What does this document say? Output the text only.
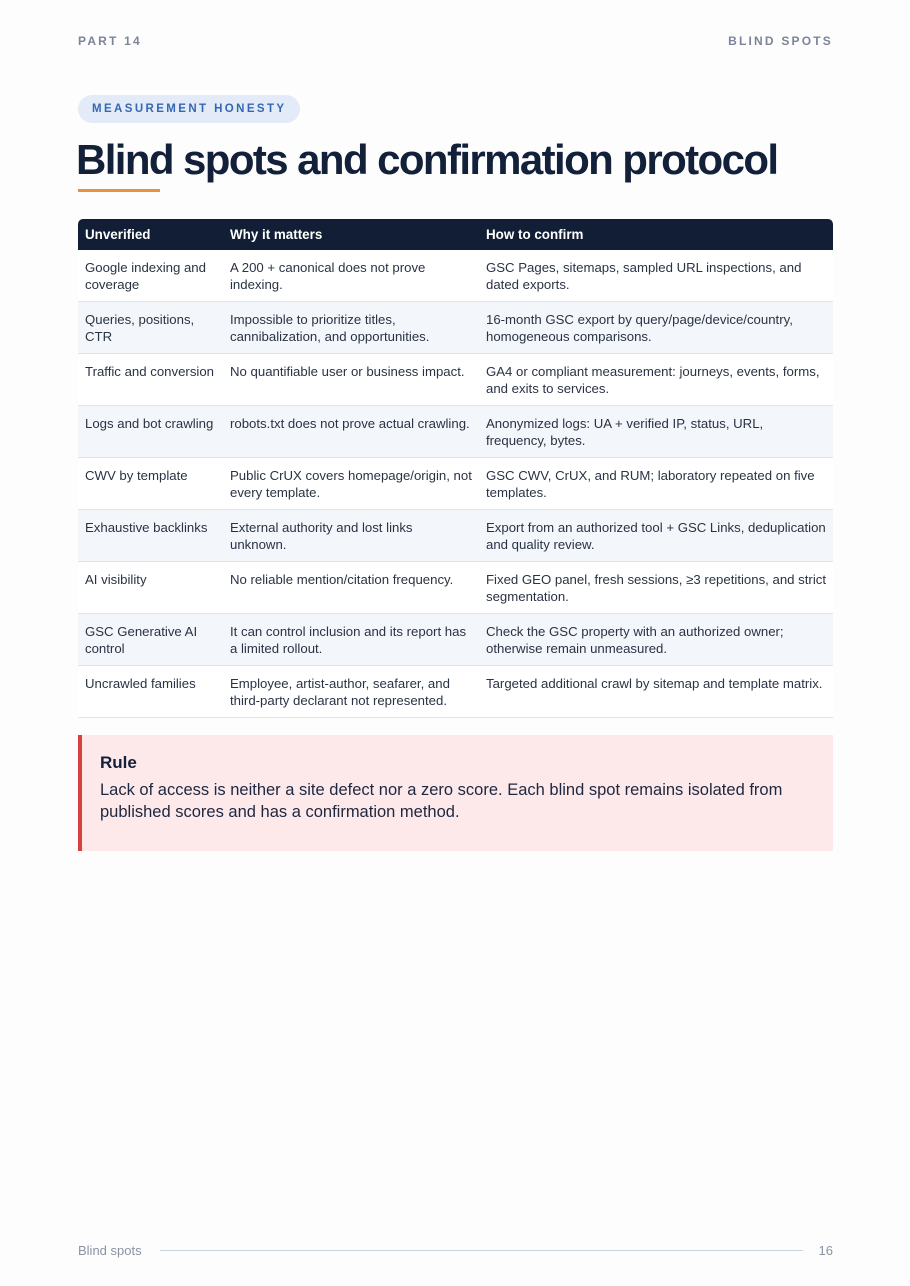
PART 14	BLIND SPOTS
MEASUREMENT HONESTY
Blind spots and confirmation protocol
Unverified	Why it matters	How to confirm
Google indexing and coverage	A 200 + canonical does not prove indexing.	GSC Pages, sitemaps, sampled URL inspections, and dated exports.
Queries, positions, CTR	Impossible to prioritize titles, cannibalization, and opportunities.	16-month GSC export by query/page/device/country, homogeneous comparisons.
Traffic and conversion	No quantifiable user or business impact.	GA4 or compliant measurement: journeys, events, forms, and exits to services.
Logs and bot crawling	robots.txt does not prove actual crawling.	Anonymized logs: UA + verified IP, status, URL, frequency, bytes.
CWV by template	Public CrUX covers homepage/origin, not every template.	GSC CWV, CrUX, and RUM; laboratory repeated on five templates.
Exhaustive backlinks	External authority and lost links unknown.	Export from an authorized tool + GSC Links, deduplication and quality review.
AI visibility	No reliable mention/citation frequency.	Fixed GEO panel, fresh sessions, ≥3 repetitions, and strict segmentation.
GSC Generative AI control	It can control inclusion and its report has a limited rollout.	Check the GSC property with an authorized owner; otherwise remain unmeasured.
Uncrawled families	Employee, artist-author, seafarer, and third-party declarant not represented.	Targeted additional crawl by sitemap and template matrix.
Rule
Lack of access is neither a site defect nor a zero score. Each blind spot remains isolated from published scores and has a confirmation method.
Blind spots	16
